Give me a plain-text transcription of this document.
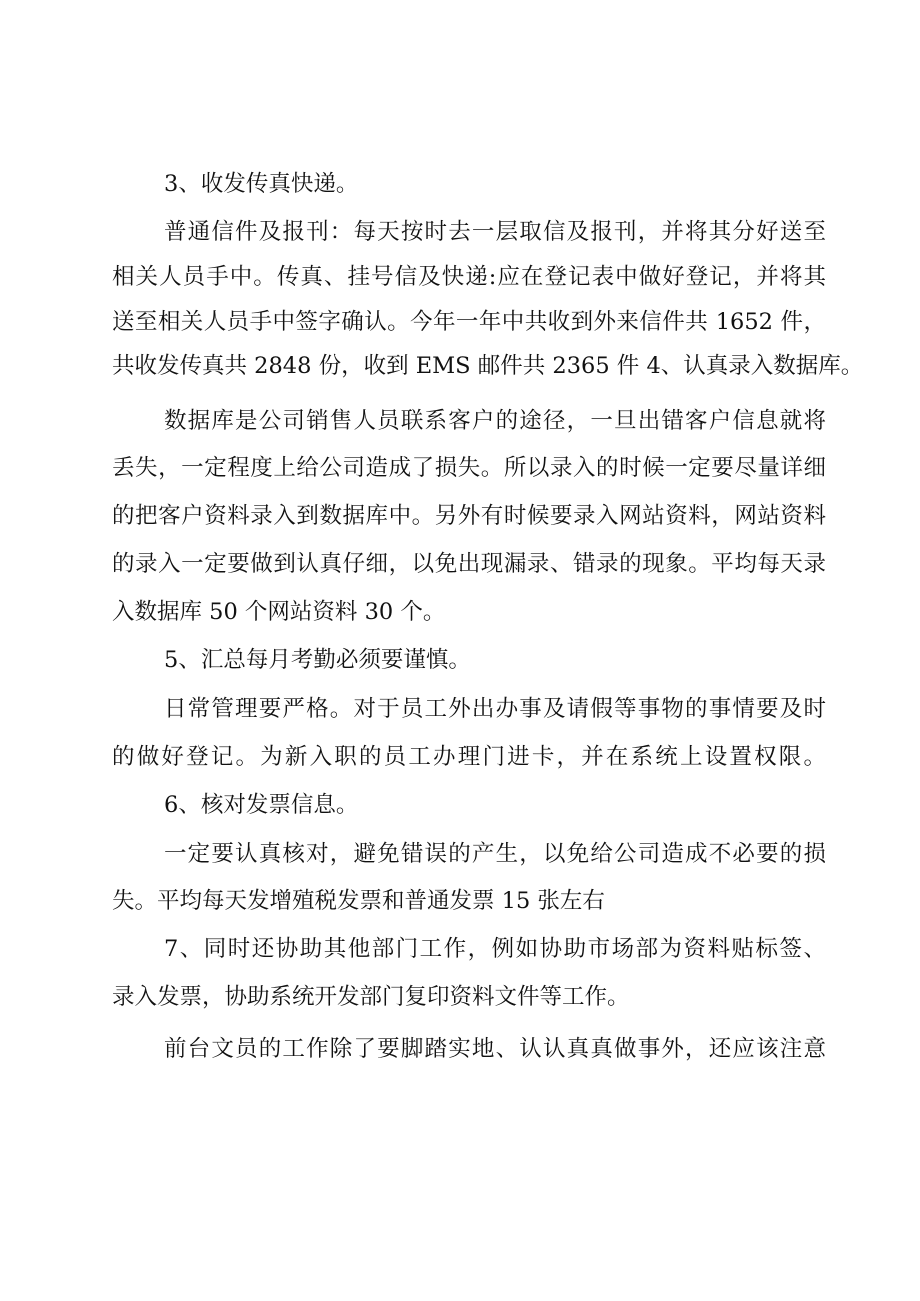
3、收发传真快递。
普通信件及报刊：每天按时去一层取信及报刊，并将其分好送至
相关人员手中。传真、挂号信及快递:应在登记表中做好登记，并将其
送至相关人员手中签字确认。今年一年中共收到外来信件共 1652 件，
共收发传真共 2848 份，收到 EMS 邮件共 2365 件 4、认真录入数据库。
数据库是公司销售人员联系客户的途径，一旦出错客户信息就将
丢失，一定程度上给公司造成了损失。所以录入的时候一定要尽量详细
的把客户资料录入到数据库中。另外有时候要录入网站资料，网站资料
的录入一定要做到认真仔细，以免出现漏录、错录的现象。平均每天录
入数据库 50 个网站资料 30 个。
5、汇总每月考勤必须要谨慎。
日常管理要严格。对于员工外出办事及请假等事物的事情要及时
的做好登记。为新入职的员工办理门进卡，并在系统上设置权限。
6、核对发票信息。
一定要认真核对，避免错误的产生，以免给公司造成不必要的损
失。平均每天发增殖税发票和普通发票 15 张左右
7、同时还协助其他部门工作，例如协助市场部为资料贴标签、
录入发票，协助系统开发部门复印资料文件等工作。
前台文员的工作除了要脚踏实地、认认真真做事外，还应该注意
